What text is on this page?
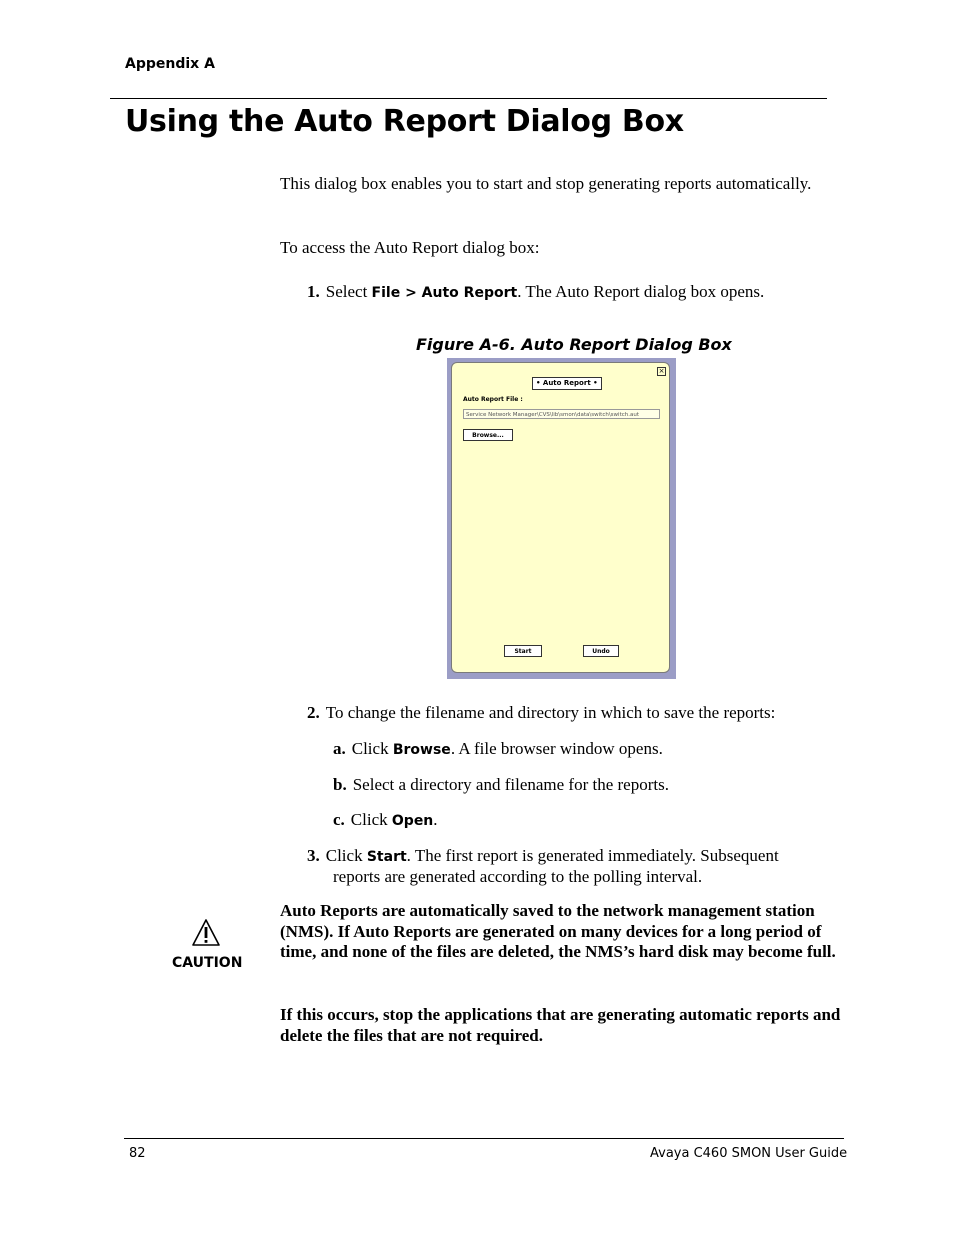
Appendix A
Using the Auto Report Dialog Box
This dialog box enables you to start and stop generating reports automatically.
To access the Auto Report dialog box:
1. Select File > Auto Report. The Auto Report dialog box opens.
Figure A-6. Auto Report Dialog Box
×
• Auto Report •
Auto Report File :
Service Network Manager\CVS\lib\smon\data\switch\switch.aut
Browse...
Start	Undo
2. To change the filename and directory in which to save the reports:
a. Click Browse. A file browser window opens.
b. Select a directory and filename for the reports.
c. Click Open.
3. Click Start. The first report is generated immediately. Subsequent
reports are generated according to the polling interval.
CAUTION
Auto Reports are automatically saved to the network management station (NMS). If Auto Reports are generated on many devices for a long period of time, and none of the files are deleted, the NMS’s hard disk may become full.
If this occurs, stop the applications that are generating automatic reports and delete the files that are not required.
82	Avaya C460 SMON User Guide
